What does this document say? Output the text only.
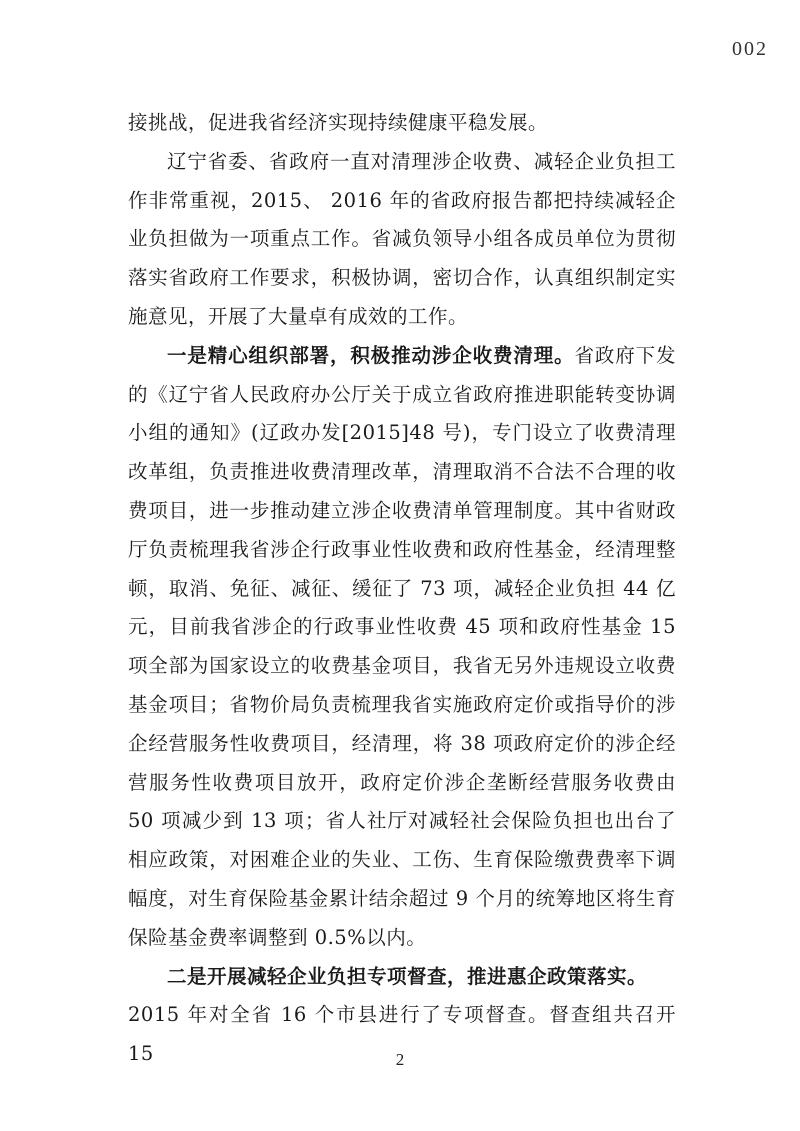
002

接挑战，促进我省经济实现持续健康平稳发展。

辽宁省委、省政府一直对清理涉企收费、减轻企业负担工作非常重视，2015、 2016 年的省政府报告都把持续减轻企业负担做为一项重点工作。省减负领导小组各成员单位为贯彻落实省政府工作要求，积极协调，密切合作，认真组织制定实施意见，开展了大量卓有成效的工作。

一是精心组织部署，积极推动涉企收费清理。省政府下发的《辽宁省人民政府办公厅关于成立省政府推进职能转变协调小组的通知》(辽政办发[2015]48 号)，专门设立了收费清理改革组，负责推进收费清理改革，清理取消不合法不合理的收费项目，进一步推动建立涉企收费清单管理制度。其中省财政厅负责梳理我省涉企行政事业性收费和政府性基金，经清理整顿，取消、免征、减征、缓征了 73 项，减轻企业负担 44 亿元，目前我省涉企的行政事业性收费 45 项和政府性基金 15 项全部为国家设立的收费基金项目，我省无另外违规设立收费基金项目；省物价局负责梳理我省实施政府定价或指导价的涉企经营服务性收费项目，经清理，将 38 项政府定价的涉企经营服务性收费项目放开，政府定价涉企垄断经营服务收费由 50 项减少到 13 项；省人社厅对减轻社会保险负担也出台了相应政策，对困难企业的失业、工伤、生育保险缴费费率下调幅度，对生育保险基金累计结余超过 9 个月的统筹地区将生育保险基金费率调整到 0.5%以内。

二是开展减轻企业负担专项督查，推进惠企政策落实。
2015 年对全省 16 个市县进行了专项督查。督查组共召开 15	2
